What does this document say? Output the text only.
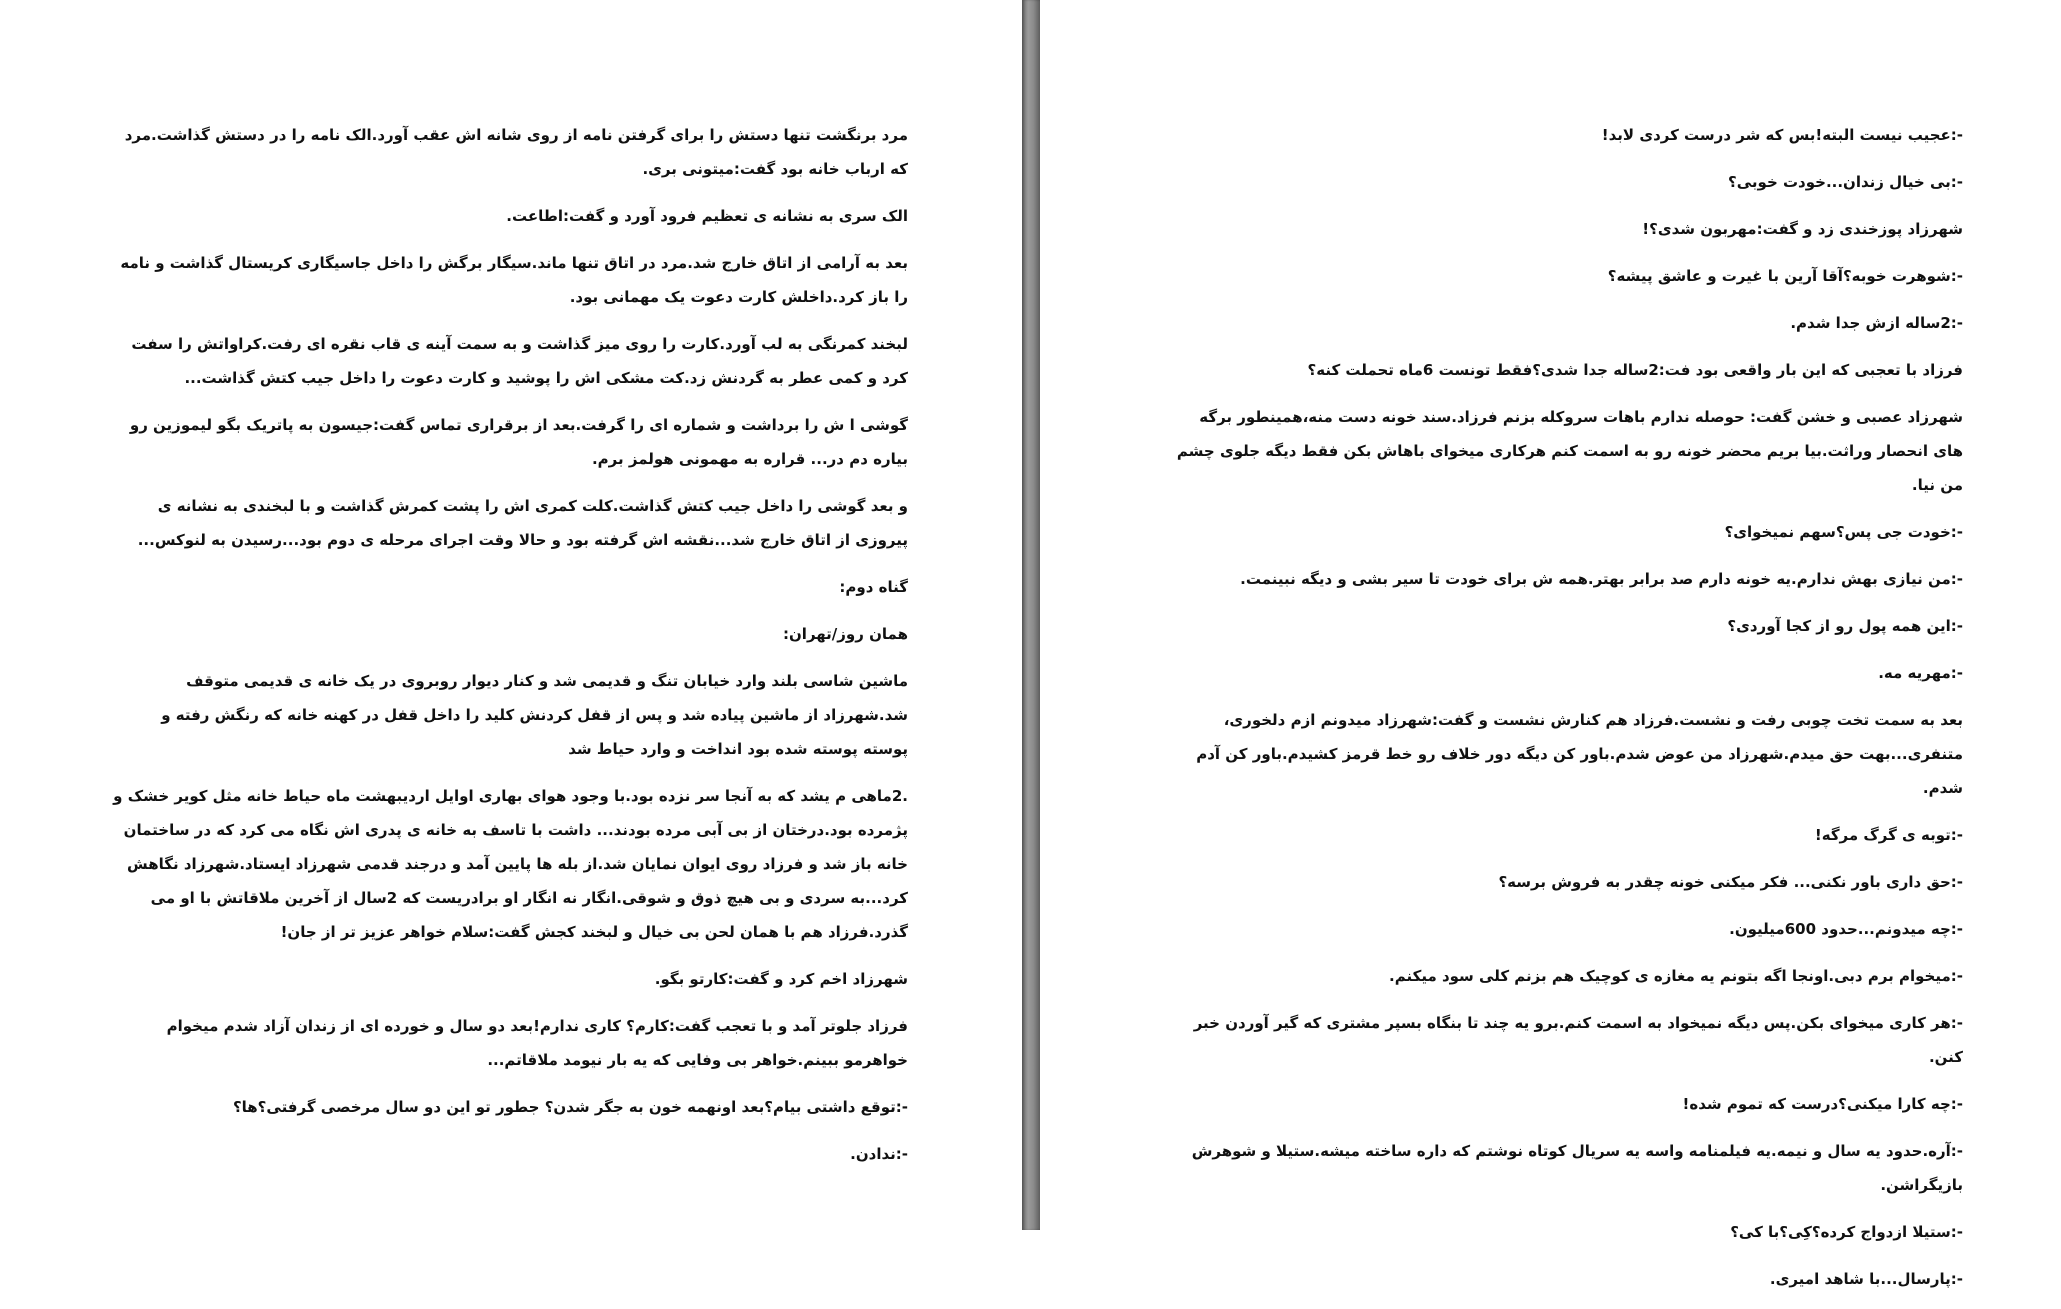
مرد برنگشت تنها دستش را برای گرفتن نامه از روی شانه اش عقب آورد.الک نامه را در دستش گذاشت.مرد که ارباب خانه بود گفت:میتونی بری.

الک سری به نشانه ی تعظیم فرود آورد و گفت:اطاعت.

بعد به آرامی از اتاق خارج شد.مرد در اتاق تنها ماند.سیگار برگش را داخل جاسیگاری کریستال گذاشت و نامه را باز کرد.داخلش کارت دعوت یک مهمانی بود.

لبخند کمرنگی به لب آورد.کارت را روی میز گذاشت و به سمت آینه ی قاب نقره ای رفت.کراواتش را سفت کرد و کمی عطر به گردنش زد.کت مشکی اش را پوشید و کارت دعوت را داخل جیب کتش گذاشت...

گوشی ا ش را برداشت و شماره ای را گرفت.بعد از برقراری تماس گفت:جیسون به پاتریک بگو لیموزین رو بیاره دم در... قراره به مهمونی هولمز برم.

و بعد گوشی را داخل جیب کتش گذاشت.کلت کمری اش را پشت کمرش گذاشت و با لبخندی به نشانه ی پیروزی از اتاق خارج شد...نقشه اش گرفته بود و حالا وقت اجرای مرحله ی دوم بود...رسیدن به لنوکس...

گناه دوم:

همان روز/تهران:

ماشین شاسی بلند وارد خیابان تنگ و قدیمی شد و کنار دیوار روبروی در یک خانه ی قدیمی متوقف شد.شهرزاد از ماشین پیاده شد و پس از قفل کردنش کلید را داخل قفل در کهنه خانه که رنگش رفته و پوسته پوسته شده بود انداخت و وارد حیاط شد

.2ماهی م یشد که به آنجا سر نزده بود.با وجود هوای بهاری اوایل اردیبهشت ماه حیاط خانه مثل کویر خشک و پژمرده بود.درختان از بی آبی مرده بودند... داشت با تاسف به خانه ی پدری اش نگاه می کرد که در ساختمان خانه باز شد و فرزاد روی ایوان نمایان شد.از بله ها پایین آمد و درجند قدمی شهرزاد ایستاد.شهرزاد نگاهش کرد...به سردی و بی هیچ ذوق و شوقی.انگار نه انگار او برادریست که 2سال از آخرین ملاقاتش با او می گذرد.فرزاد هم با همان لحن بی خیال و لبخند کجش گفت:سلام خواهر عزیز تر از جان!

شهرزاد اخم کرد و گفت:کارتو بگو.

فرزاد جلوتر آمد و با تعجب گفت:کارم؟ کاری ندارم!بعد دو سال و خورده ای از زندان آزاد شدم میخوام خواهرمو ببینم.خواهر بی وفایی که یه بار نیومد ملاقاتم...

-:توقع داشتی بیام؟بعد اونهمه خون به جگر شدن؟ جطور تو این دو سال مرخصی گرفتی؟ها؟

-:ندادن.

-:عجیب نیست البته!بس که شر درست کردی لابد!

-:بی خیال زندان...خودت خوبی؟

شهرزاد پوزخندی زد و گفت:مهربون شدی؟!

-:شوهرت خوبه؟آقا آرین با غیرت و عاشق پیشه؟

-:2ساله ازش جدا شدم.

فرزاد با تعجبی که این بار واقعی بود فت:2ساله جدا شدی؟فقط تونست 6ماه تحملت کنه؟

شهرزاد عصبی و خشن گفت: حوصله ندارم باهات سروکله بزنم فرزاد.سند خونه دست منه،همینطور برگه های انحصار وراثت.بیا بریم محضر خونه رو به اسمت کنم هرکاری میخوای باهاش بکن فقط دیگه جلوی چشم من نیا.

-:خودت جی پس؟سهم نمیخوای؟

-:من نیازی بهش ندارم.یه خونه دارم صد برابر بهتر.همه ش برای خودت تا سیر بشی و دیگه نبینمت.

-:این همه پول رو از کجا آوردی؟

-:مهریه مه.

بعد به سمت تخت چوبی رفت و نشست.فرزاد هم کنارش نشست و گفت:شهرزاد میدونم ازم دلخوری، متنفری...بهت حق میدم.شهرزاد من عوض شدم.باور کن دیگه دور خلاف رو خط قرمز کشیدم.باور کن آدم شدم.

-:توبه ی گرگ مرگه!

-:حق داری باور نکنی... فکر میکنی خونه چقدر به فروش برسه؟

-:چه میدونم...حدود 600میلیون.

-:میخوام برم دبی.اونجا اگه بتونم یه مغازه ی کوچیک هم بزنم کلی سود میکنم.

-:هر کاری میخوای بکن.پس دیگه نمیخواد به اسمت کنم.برو یه چند تا بنگاه بسپر مشتری که گیر آوردن خبر کنن.

-:چه کارا میکنی؟درست که تموم شده!

-:آره.حدود یه سال و نیمه.یه فیلمنامه واسه یه سریال کوتاه نوشتم که داره ساخته میشه.ستیلا و شوهرش بازیگراشن.

-:ستیلا ازدواج کرده؟کِی؟با کی؟

-:پارسال...با شاهد امیری.
